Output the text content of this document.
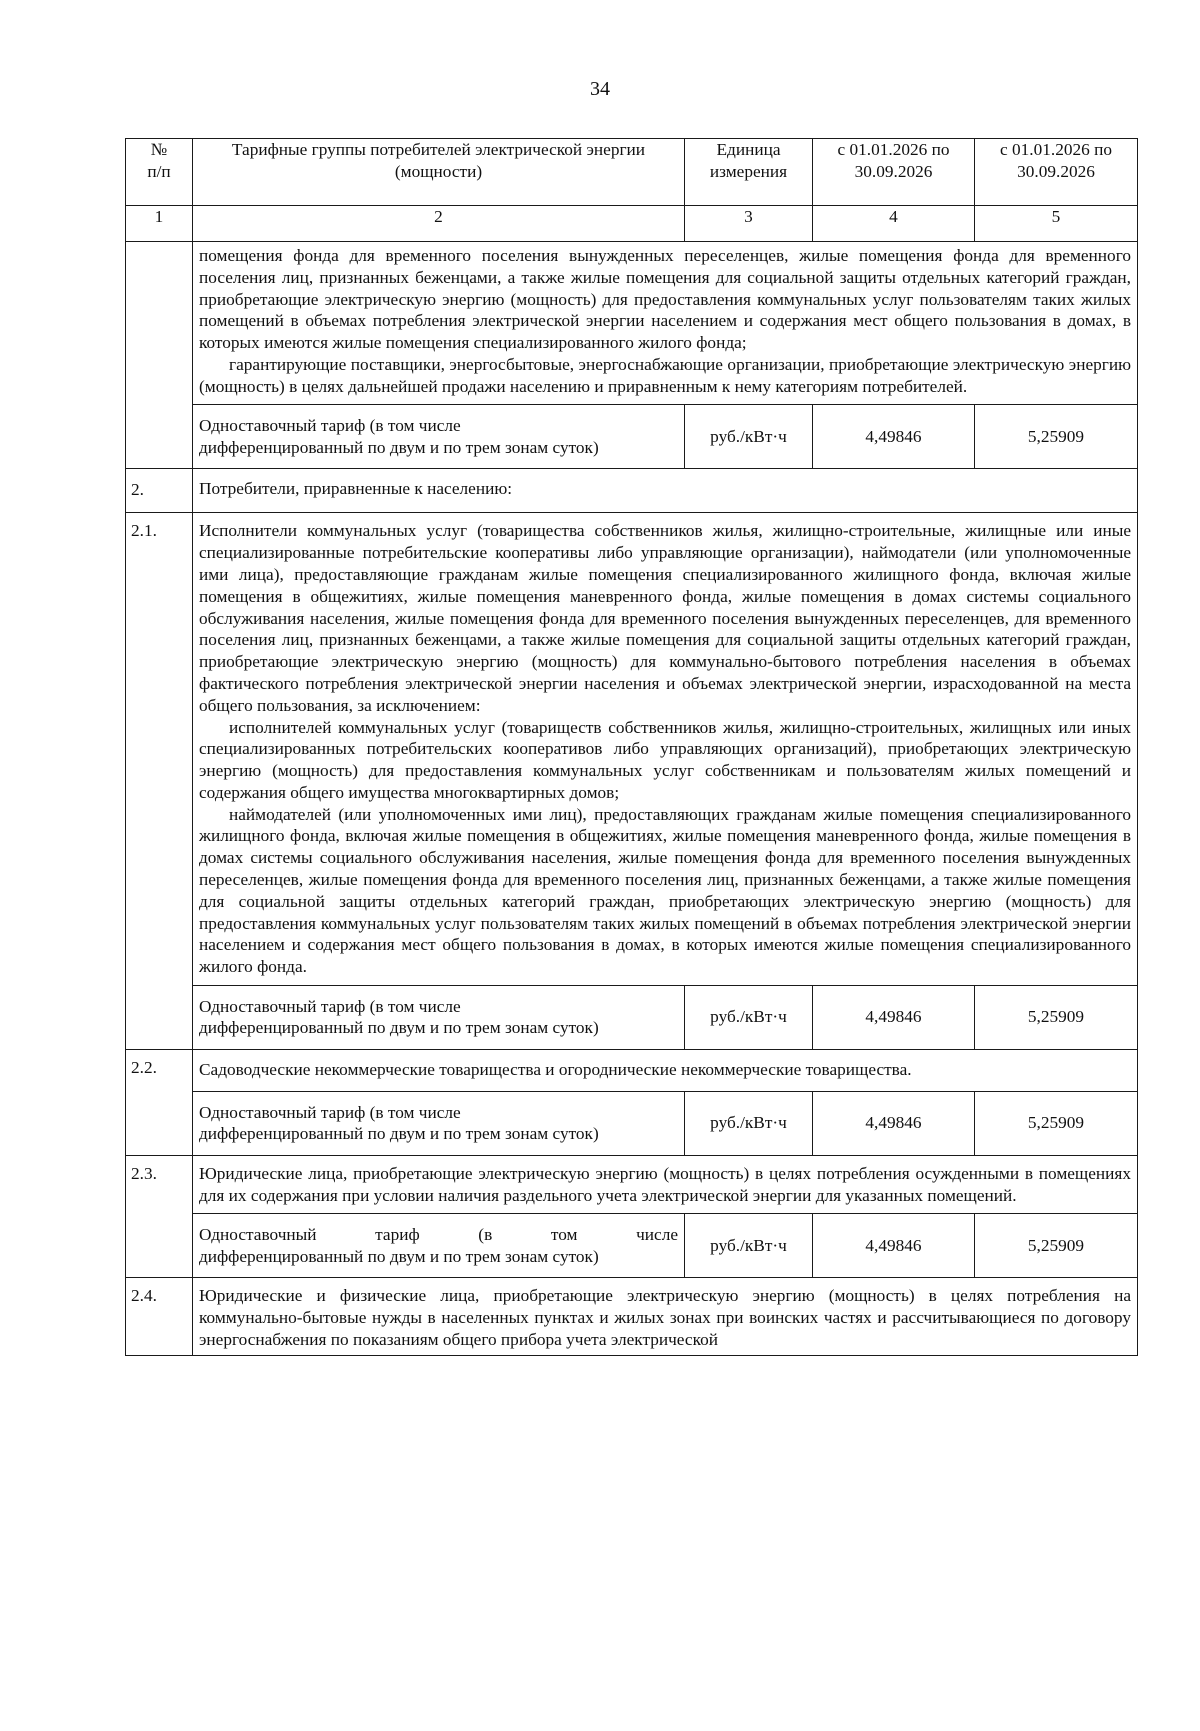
34
№
п/п	Тарифные группы потребителей электрической энергии (мощности)	Единица измерения	с 01.01.2026 по 30.09.2026	с 01.01.2026 по 30.09.2026
1	2	3	4	5

	помещения фонда для временного поселения вынужденных переселенцев, жилые помещения фонда для временного поселения лиц, признанных беженцами, а также жилые помещения для социальной защиты отдельных категорий граждан, приобретающие электрическую энергию (мощность) для предоставления коммунальных услуг пользователям таких жилых помещений в объемах потребления электрической энергии населением и содержания мест общего пользования в домах, в которых имеются жилые помещения специализированного жилого фонда;

гарантирующие поставщики, энергосбытовые, энергоснабжающие организации, приобретающие электрическую энергию (мощность) в целях дальнейшей продажи населению и приравненным к нему категориям потребителей.			

	Одноставочный тариф (в том числе
дифференцированный по двум и по трем зонам суток)	руб./кВт·ч	4,49846	5,25909
2.	Потребители, приравненные к населению:			
2.1.	Исполнители коммунальных услуг (товарищества собственников жилья, жилищно-строительные, жилищные или иные специализированные потребительские кооперативы либо управляющие организации), наймодатели (или уполномоченные ими лица), предоставляющие гражданам жилые помещения специализированного жилищного фонда, включая жилые помещения в общежитиях, жилые помещения маневренного фонда, жилые помещения в домах системы социального обслуживания населения, жилые помещения фонда для временного поселения вынужденных переселенцев, для временного поселения лиц, признанных беженцами, а также жилые помещения для социальной защиты отдельных категорий граждан, приобретающие электрическую энергию (мощность) для коммунально-бытового потребления населения в объемах фактического потребления электрической энергии населения и объемах электрической энергии, израсходованной на места общего пользования, за исключением:

исполнителей коммунальных услуг (товариществ собственников жилья, жилищно-строительных, жилищных или иных специализированных потребительских кооперативов либо управляющих организаций), приобретающих электрическую энергию (мощность) для предоставления коммунальных услуг собственникам и пользователям жилых помещений и содержания общего имущества многоквартирных домов;

наймодателей (или уполномоченных ими лиц), предоставляющих гражданам жилые помещения специализированного жилищного фонда, включая жилые помещения в общежитиях, жилые помещения маневренного фонда, жилые помещения в домах системы социального обслуживания населения, жилые помещения фонда для временного поселения вынужденных переселенцев, жилые помещения фонда для временного поселения лиц, признанных беженцами, а также жилые помещения для социальной защиты отдельных категорий граждан, приобретающих электрическую энергию (мощность) для предоставления коммунальных услуг пользователям таких жилых помещений в объемах потребления электрической энергии населением и содержания мест общего пользования в домах, в которых имеются жилые помещения специализированного жилого фонда.			

	Одноставочный тариф (в том числе
дифференцированный по двум и по трем зонам суток)	руб./кВт·ч	4,49846	5,25909
2.2.	Садоводческие некоммерческие товарищества и огороднические некоммерческие товарищества.			
	Одноставочный тариф (в том числе
дифференцированный по двум и по трем зонам суток)	руб./кВт·ч	4,49846	5,25909
2.3.	Юридические лица, приобретающие электрическую энергию (мощность) в целях потребления осужденными в помещениях для их содержания при условии наличия раздельного учета электрической энергии для указанных помещений.			

	Одноставочный тариф (в том числе
дифференцированный по двум и по трем зонам суток)	руб./кВт·ч	4,49846	5,25909
2.4.	Юридические и физические лица, приобретающие электрическую энергию (мощность) в целях потребления на коммунально-бытовые нужды в населенных пунктах и жилых зонах при воинских частях и рассчитывающиеся по договору энергоснабжения по показаниям общего прибора учета электрической			
